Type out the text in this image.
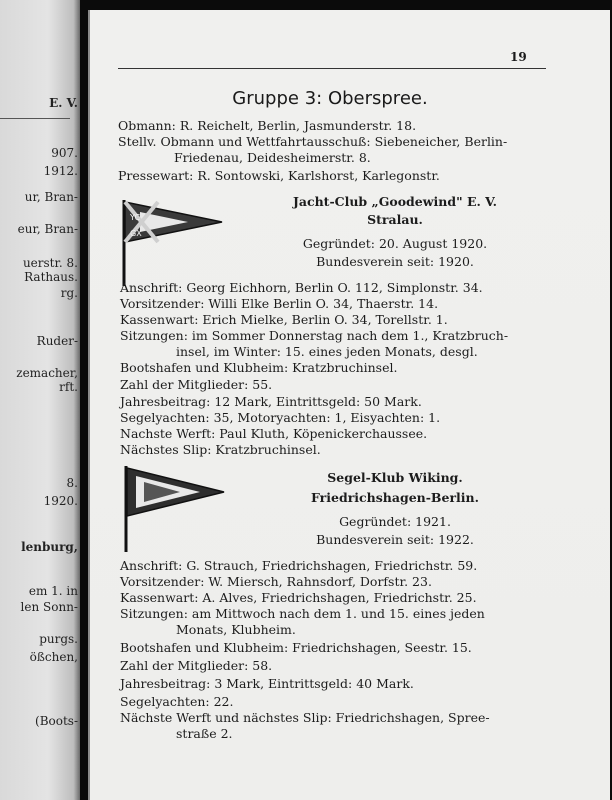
E. V.
907.
1912.
ur, Bran-
eur, Bran-
uerstr. 8.
Rathaus.
rg.
Ruder-
zemacher,
rft.
8.
1920.
lenburg,
em 1. in
len Sonn-
purgs.
ößchen,
(Boots-
19
Gruppe 3: Oberspree.
Obmann: R. Reichelt, Berlin, Jasmunderstr. 18.
Stellv. Obmann und Wettfahrtausschuß: Siebeneicher, Berlin-
Friedenau, Deidesheimerstr. 8.
Pressewart: R. Sontowski, Karlshorst, Karlegonstr.
YC
GX
Jacht-Club „Goodewind" E. V.
Stralau.
Gegründet: 20. August 1920.
Bundesverein seit: 1920.
Anschrift: Georg Eichhorn, Berlin O. 112, Simplonstr. 34.
Vorsitzender: Willi Elke Berlin O. 34, Thaerstr. 14.
Kassenwart: Erich Mielke, Berlin O. 34, Torellstr. 1.
Sitzungen: im Sommer Donnerstag nach dem 1., Kratzbruch-
insel, im Winter: 15. eines jeden Monats, desgl.
Bootshafen und Klubheim: Kratzbruchinsel.
Zahl der Mitglieder: 55.
Jahresbeitrag: 12 Mark, Eintrittsgeld: 50 Mark.
Segelyachten: 35, Motoryachten: 1, Eisyachten: 1.
Nachste Werft: Paul Kluth, Köpenickerchaussee.
Nächstes Slip: Kratzbruchinsel.
Segel-Klub Wiking.
Friedrichshagen-Berlin.
Gegründet: 1921.
Bundesverein seit: 1922.
Anschrift: G. Strauch, Friedrichshagen, Friedrichstr. 59.
Vorsitzender: W. Miersch, Rahnsdorf, Dorfstr. 23.
Kassenwart: A. Alves, Friedrichshagen, Friedrichstr. 25.
Sitzungen: am Mittwoch nach dem 1. und 15. eines jeden
Monats, Klubheim.
Bootshafen und Klubheim: Friedrichshagen, Seestr. 15.
Zahl der Mitglieder: 58.
Jahresbeitrag: 3 Mark, Eintrittsgeld: 40 Mark.
Segelyachten: 22.
Nächste Werft und nächstes Slip: Friedrichshagen, Spree-
straße 2.
